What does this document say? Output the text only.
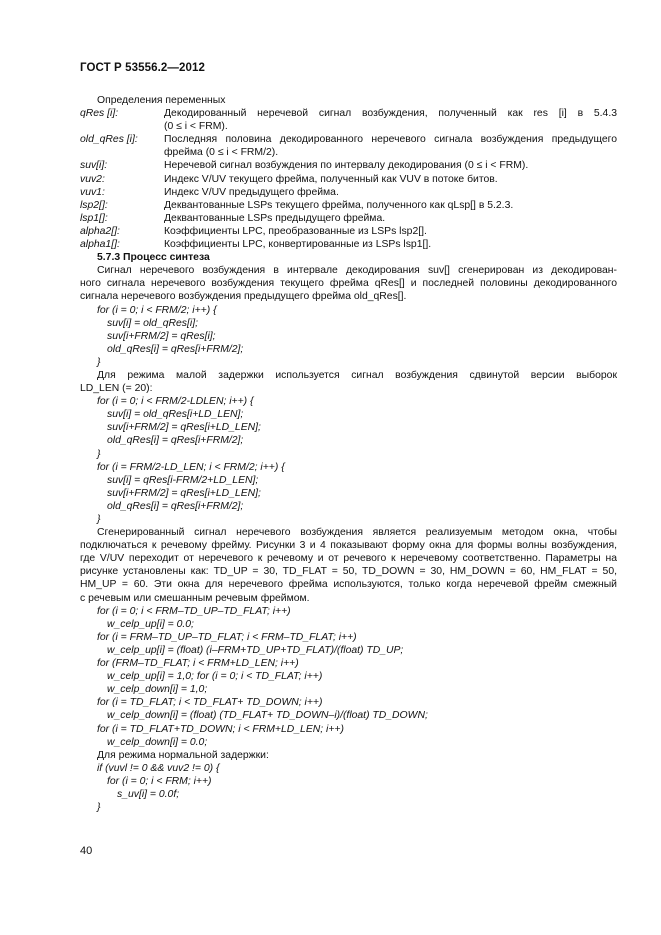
ГОСТ Р 53556.2—2012
Определения переменных
qRes [i]:	Декодированный неречевой сигнал возбуждения, полученный как res [i] в 5.4.3
(0 ≤ i < FRM).
old_qRes [i]:	Последняя половина декодированного неречевого сигнала возбуждения предыдущего
фрейма (0 ≤ i < FRM/2).
suv[i]:	Неречевой сигнал возбуждения по интервалу декодирования (0 ≤ i < FRM).
vuv2:	Индекс V/UV текущего фрейма, полученный как VUV в потоке битов.
vuv1:	Индекс V/UV предыдущего фрейма.
lsp2[]:	Деквантованные LSPs текущего фрейма, полученного как qLsp[] в 5.2.3.
lsp1[]:	Деквантованные LSPs предыдущего фрейма.
alpha2[]:	Коэффициенты LPC, преобразованные из LSPs lsp2[].
alpha1[]:	Коэффициенты LPC, конвертированные из LSPs lsp1[].
5.7.3 Процесс синтеза
Сигнал неречевого возбуждения в интервале декодирования suv[] сгенерирован из декодирован-
ного сигнала неречевого возбуждения текущего фрейма qRes[] и последней половины декодированного
сигнала неречевого возбуждения предыдущего фрейма old_qRes[].
for (i = 0; i < FRM/2; i++) {
suv[i] = old_qRes[i];
suv[i+FRM/2] = qRes[i];
old_qRes[i] = qRes[i+FRM/2];
}
Для режима малой задержки используется сигнал возбуждения сдвинутой версии выборок
LD_LEN (= 20):
for (i = 0; i < FRM/2-LDLEN; i++) {
suv[i] = old_qRes[i+LD_LEN];
suv[i+FRM/2] = qRes[i+LD_LEN];
old_qRes[i] = qRes[i+FRM/2];
}
for (i = FRM/2-LD_LEN; i < FRM/2; i++) {
suv[i] = qRes[i-FRM/2+LD_LEN];
suv[i+FRM/2] = qRes[i+LD_LEN];
old_qRes[i] = qRes[i+FRM/2];
}
Сгенерированный сигнал неречевого возбуждения является реализуемым методом окна, чтобы
подключаться к речевому фрейму. Рисунки 3 и 4 показывают форму окна для формы волны возбуждения,
где V/UV переходит от неречевого к речевому и от речевого к неречевому соответственно. Параметры на
рисунке установлены как: TD_UP = 30, TD_FLAT = 50, TD_DOWN = 30, HM_DOWN = 60, HM_FLAT = 50,
HM_UP = 60. Эти окна для неречевого фрейма используются, только когда неречевой фрейм смежный
с речевым или смешанным речевым фреймом.
for (i = 0; i < FRM–TD_UP–TD_FLAT; i++)
w_celp_up[i] = 0.0;
for (i = FRM–TD_UP–TD_FLAT; i < FRM–TD_FLAT; i++)
w_celp_up[i] = (float) (i–FRM+TD_UP+TD_FLAT)/(float) TD_UP;
for (FRM–TD_FLAT; i < FRM+LD_LEN; i++)
w_celp_up[i] = 1,0; for (i = 0; i < TD_FLAT; i++)
w_celp_down[i] = 1,0;
for (i = TD_FLAT; i < TD_FLAT+ TD_DOWN; i++)
w_celp_down[i] = (float) (TD_FLAT+ TD_DOWN–i)/(float) TD_DOWN;
for (i = TD_FLAT+TD_DOWN; i < FRM+LD_LEN; i++)
w_celp_down[i] = 0.0;
Для режима нормальной задержки:
if (vuvl != 0 && vuv2 != 0) {
for (i = 0; i < FRM; i++)
s_uv[i] = 0.0f;
}
40
